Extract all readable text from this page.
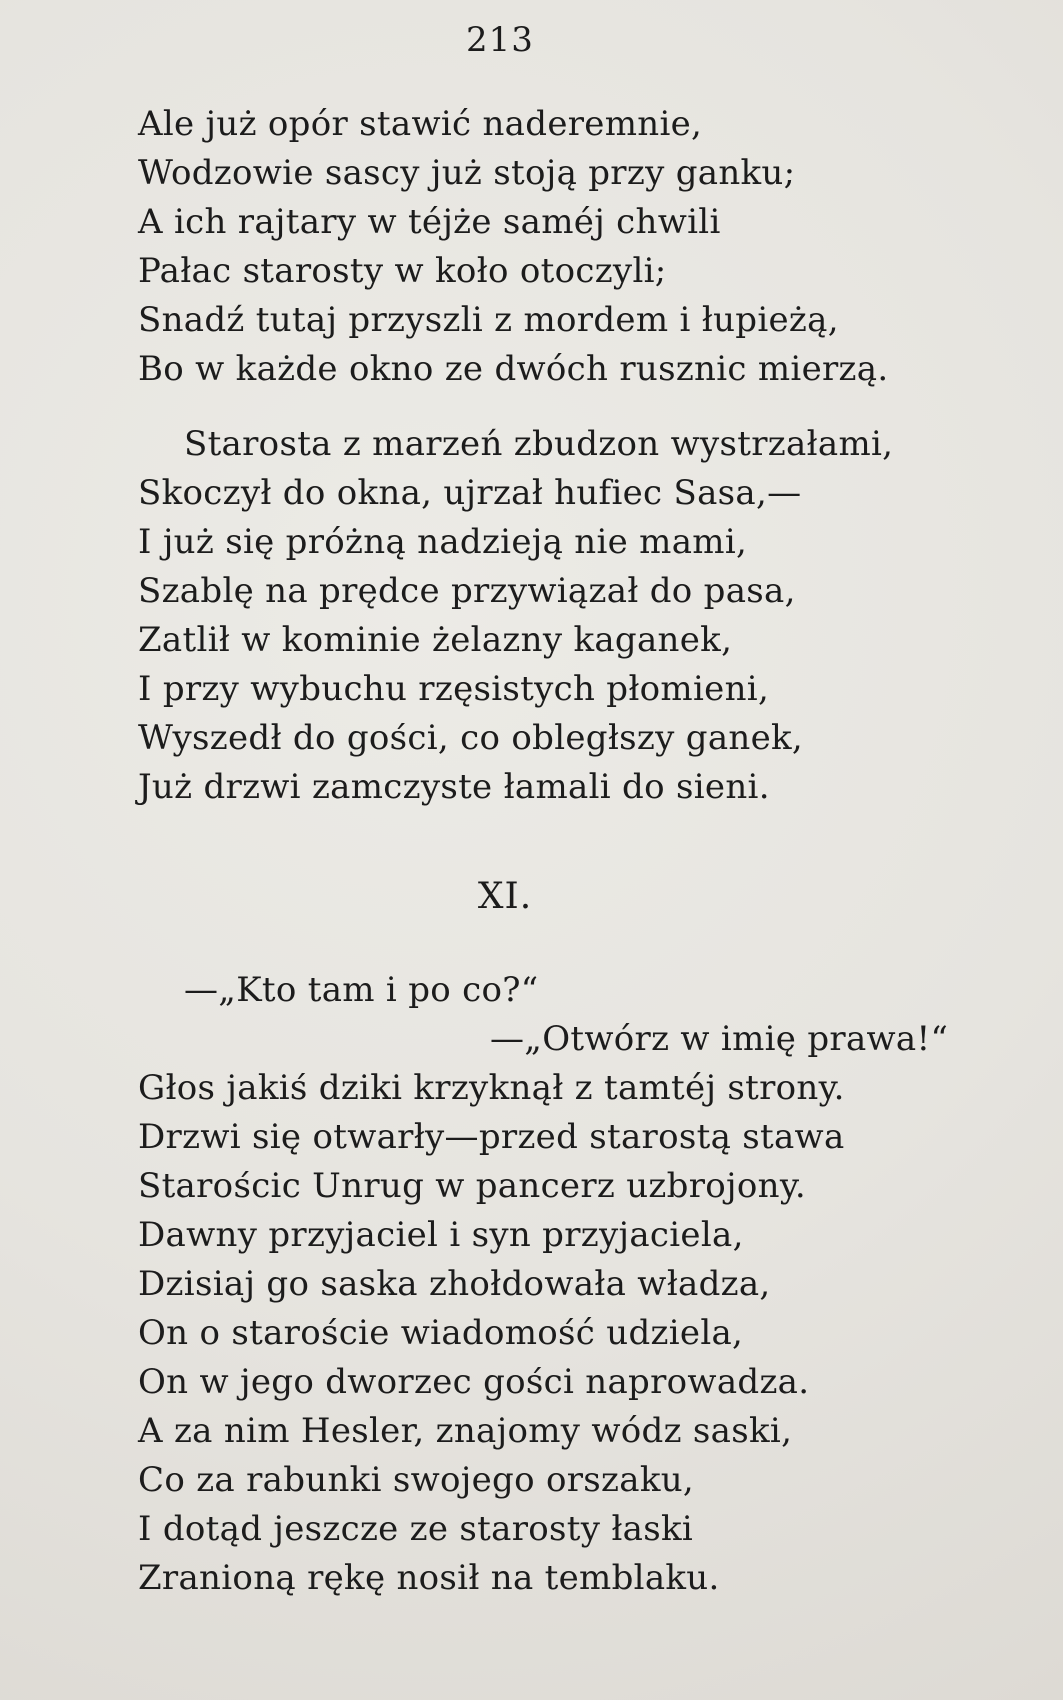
213
Ale już opór stawić naderemnie,
Wodzowie sascy już stoją przy ganku;
A ich rajtary w téjże saméj chwili
Pałac starosty w koło otoczyli;
Snadź tutaj przyszli z mordem i łupieżą,
Bo w każde okno ze dwóch rusznic mierzą.
Starosta z marzeń zbudzon wystrzałami,
Skoczył do okna, ujrzał hufiec Sasa,—
I już się próżną nadzieją nie mami,
Szablę na prędce przywiązał do pasa,
Zatlił w kominie żelazny kaganek,
I przy wybuchu rzęsistych płomieni,
Wyszedł do gości, co obległszy ganek,
Już drzwi zamczyste łamali do sieni.
XI.
—„Kto tam i po co?“
—„Otwórz w imię prawa!“
Głos jakiś dziki krzyknął z tamtéj strony.
Drzwi się otwarły—przed starostą stawa
Starościc Unrug w pancerz uzbrojony.
Dawny przyjaciel i syn przyjaciela,
Dzisiaj go saska zhołdowała władza,
On o staroście wiadomość udziela,
On w jego dworzec gości naprowadza.
A za nim Hesler, znajomy wódz saski,
Co za rabunki swojego orszaku,
I dotąd jeszcze ze starosty łaski
Zranioną rękę nosił na temblaku.
